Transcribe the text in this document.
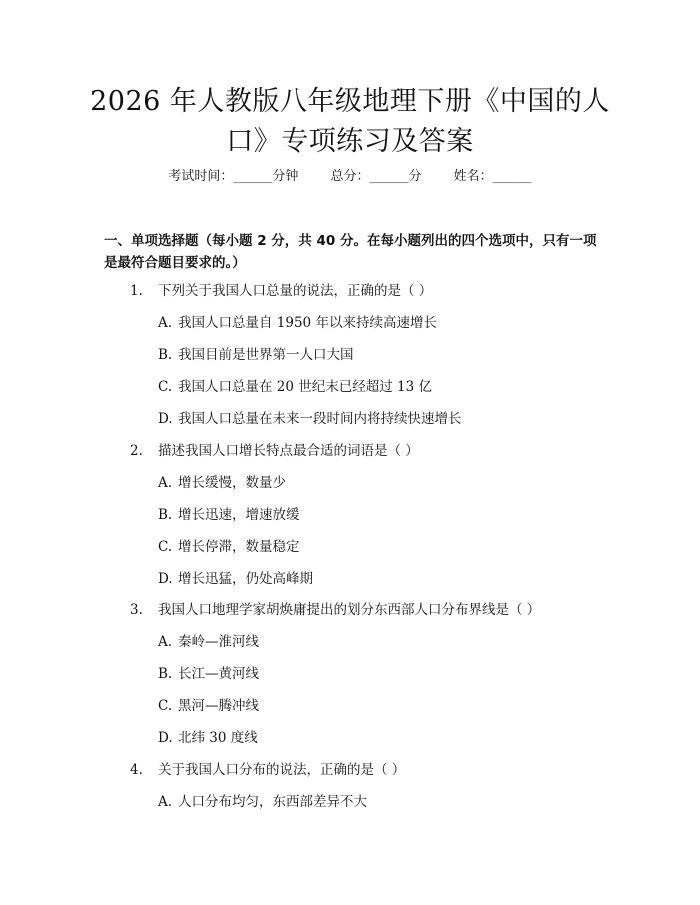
2026 年人教版八年级地理下册《中国的人
口》专项练习及答案
考试时间：______分钟 总分：______分 姓名：______
一、单项选择题（每小题 2 分，共 40 分。在每小题列出的四个选项中，只有一项
是最符合题目要求的。）
1. 下列关于我国人口总量的说法，正确的是（ ）
A. 我国人口总量自 1950 年以来持续高速增长
B. 我国目前是世界第一人口大国
C. 我国人口总量在 20 世纪末已经超过 13 亿
D. 我国人口总量在未来一段时间内将持续快速增长
2. 描述我国人口增长特点最合适的词语是（ ）
A. 增长缓慢，数量少
B. 增长迅速，增速放缓
C. 增长停滞，数量稳定
D. 增长迅猛，仍处高峰期
3. 我国人口地理学家胡焕庸提出的划分东西部人口分布界线是（ ）
A. 秦岭—淮河线
B. 长江—黄河线
C. 黑河—腾冲线
D. 北纬 30 度线
4. 关于我国人口分布的说法，正确的是（ ）
A. 人口分布均匀，东西部差异不大
